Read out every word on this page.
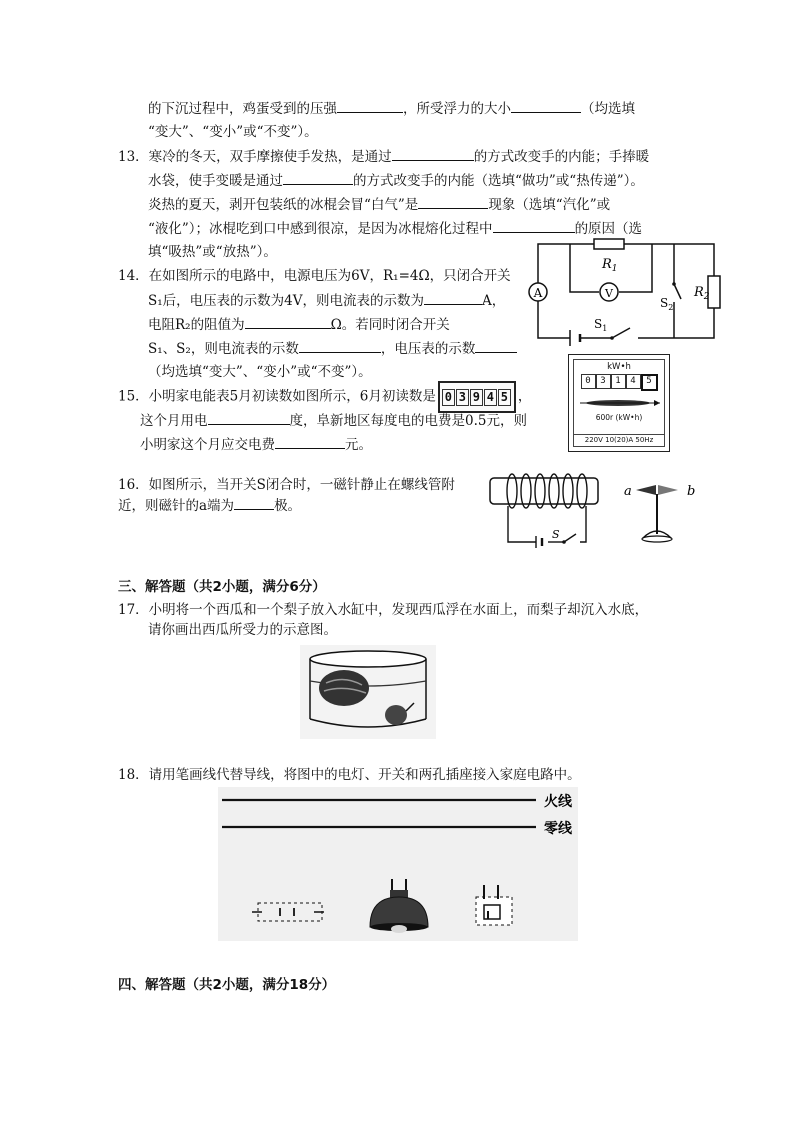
的下沉过程中，鸡蛋受到的压强	，所受浮力的大小	（均选填
“变大”、“变小”或“不变”）。
13．寒冷的冬天，双手摩擦使手发热，是通过	的方式改变手的内能；手捧暖
水袋，使手变暖是通过	的方式改变手的内能（选填“做功”或“热传递”）。
炎热的夏天，剥开包装纸的冰棍会冒“白气”是	现象（选填“汽化”或
“液化”）；冰棍吃到口中感到很凉，是因为冰棍熔化过程中	的原因（选
填“吸热”或“放热”）。
14．在如图所示的电路中，电源电压为6V，R₁=4Ω，只闭合开关
S₁后，电压表的示数为4V，则电流表的示数为	A，
电阻R₂的阻值为	Ω。若同时闭合开关
S₁、S₂，则电流表的示数	，电压表的示数
（均选填“变大”、“变小”或“不变”）。
A	V
$R_1$
$R_2$
$S_2$
$S_1$
15．小明家电能表5月初读数如图所示，6月初读数是 0 3 9 4 5 ，
这个月用电	度，阜新地区每度电的电费是0.5元，则
小明家这个月应交电费	元。
kW•h
0	3	1	4	5
600r (kW•h)
220V 10(20)A 50Hz
16．如图所示，当开关S闭合时，一磁针静止在螺线管附
近，则磁针的a端为	极。
S
a	b
三、解答题（共2小题，满分6分）
17．小明将一个西瓜和一个梨子放入水缸中，发现西瓜浮在水面上，而梨子却沉入水底，
请你画出西瓜所受力的示意图。
18．请用笔画线代替导线，将图中的电灯、开关和两孔插座接入家庭电路中。
火线
零线
四、解答题（共2小题，满分18分）
